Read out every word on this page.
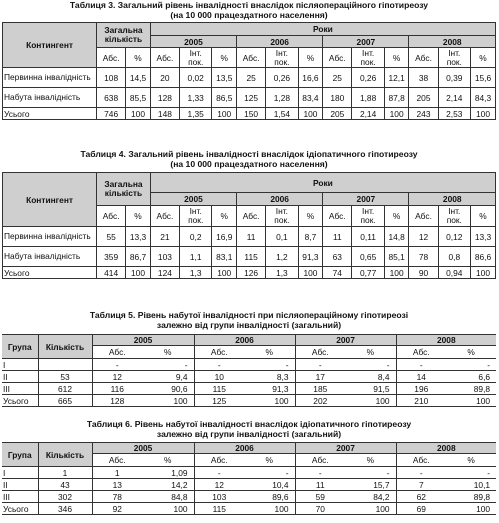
Таблиця 3. Загальний рівень інвалідності внаслідок післяопераційного гіпотиреозу
(на 10 000 працездатного населення)
Контингент	Загальна кількість		Роки											
			2005			2006			2007			2008		
	Абс.	%	Абс.	Інт. пок.	%	Абс.	Інт. пок.	%	Абс.	Інт. пок.	%	Абс.	Інт. пок.	%
Первинна інвалідність	108	14,5	20	0,02	13,5	25	0,26	16,6	25	0,26	12,1	38	0,39	15,6
Набута інвалідність	638	85,5	128	1,33	86,5	125	1,28	83,4	180	1,88	87,8	205	2,14	84,3
Усього	746	100	148	1,35	100	150	1,54	100	205	2,14	100	243	2,53	100
Таблиця 4. Загальний рівень інвалідності внаслідок ідіопатичного гіпотиреозу
(на 10 000 працездатного населення)
Контингент	Загальна кількість		Роки											
			2005			2006			2007			2008		
	Абс.	%	Абс.	Інт. пок.	%	Абс.	Інт. пок.	%	Абс.	Інт. пок.	%	Абс.	Інт. пок.	%
Первинна інвалідність	55	13,3	21	0,2	16,9	11	0,1	8,7	11	0,11	14,8	12	0,12	13,3
Набута інвалідність	359	86,7	103	1,1	83,1	115	1,2	91,3	63	0,65	85,1	78	0,8	86,6
Усього	414	100	124	1,3	100	126	1,3	100	74	0,77	100	90	0,94	100
Таблиця 5. Рівень набутої інвалідності при післяопераційному гіпотиреозі
залежно від групи інвалідності (загальний)
Група	Кількість	2005		2006		2007		2008	
		Абс.	%	Абс.	%	Абс.	%	Абс.	%
I		-	-	-	-	-	-	-	-
II	53	12	9,4	10	8,3	17	8,4	14	6,6
III	612	116	90,6	115	91,3	185	91,5	196	89,8
Усього	665	128	100	125	100	202	100	210	100
Таблиця 6. Рівень набутої інвалідності внаслідок ідіопатичного гіпотиреозу
залежно від групи інвалідності (загальний)
Група	Кількість	2005		2006		2007		2008	
		Абс.	%	Абс.	%	Абс.	%	Абс.	%
I	1	1	1,09	-	-	-	-	-	-
II	43	13	14,2	12	10,4	11	15,7	7	10,1
III	302	78	84,8	103	89,6	59	84,2	62	89,8
Усього	346	92	100	115	100	70	100	69	100
